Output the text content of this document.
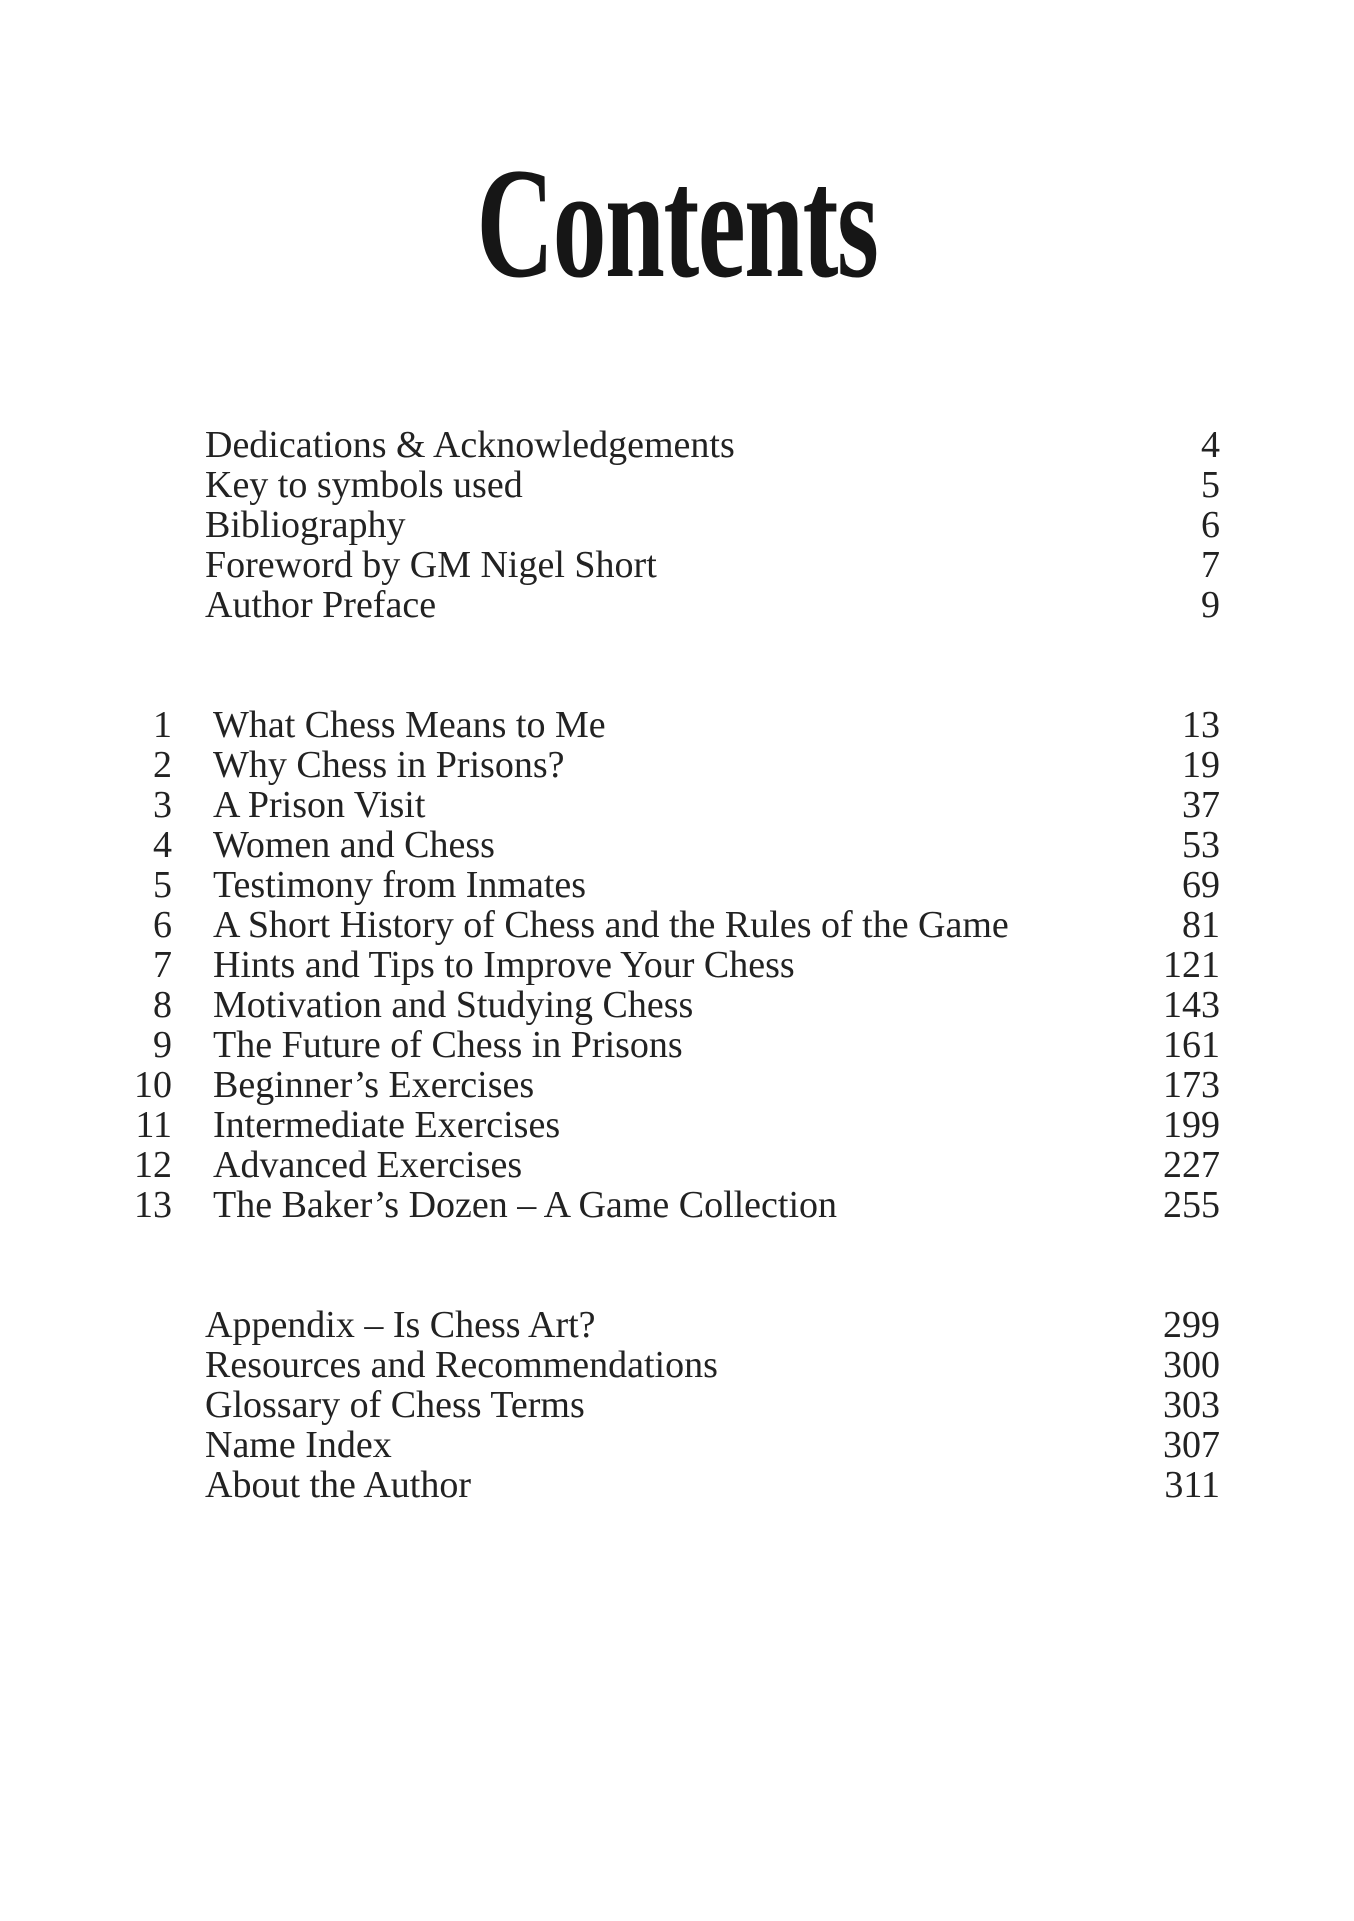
Contents
Dedications & Acknowledgements	4
Key to symbols used	5
Bibliography	6
Foreword by GM Nigel Short	7
Author Preface	9
1 What Chess Means to Me	13
2 Why Chess in Prisons?	19
3 A Prison Visit	37
4 Women and Chess	53
5 Testimony from Inmates	69
6 A Short History of Chess and the Rules of the Game	81
7 Hints and Tips to Improve Your Chess	121
8 Motivation and Studying Chess	143
9 The Future of Chess in Prisons	161
10 Beginner’s Exercises	173
11 Intermediate Exercises	199
12 Advanced Exercises	227
13 The Baker’s Dozen – A Game Collection	255
Appendix – Is Chess Art?	299
Resources and Recommendations	300
Glossary of Chess Terms	303
Name Index	307
About the Author	311
